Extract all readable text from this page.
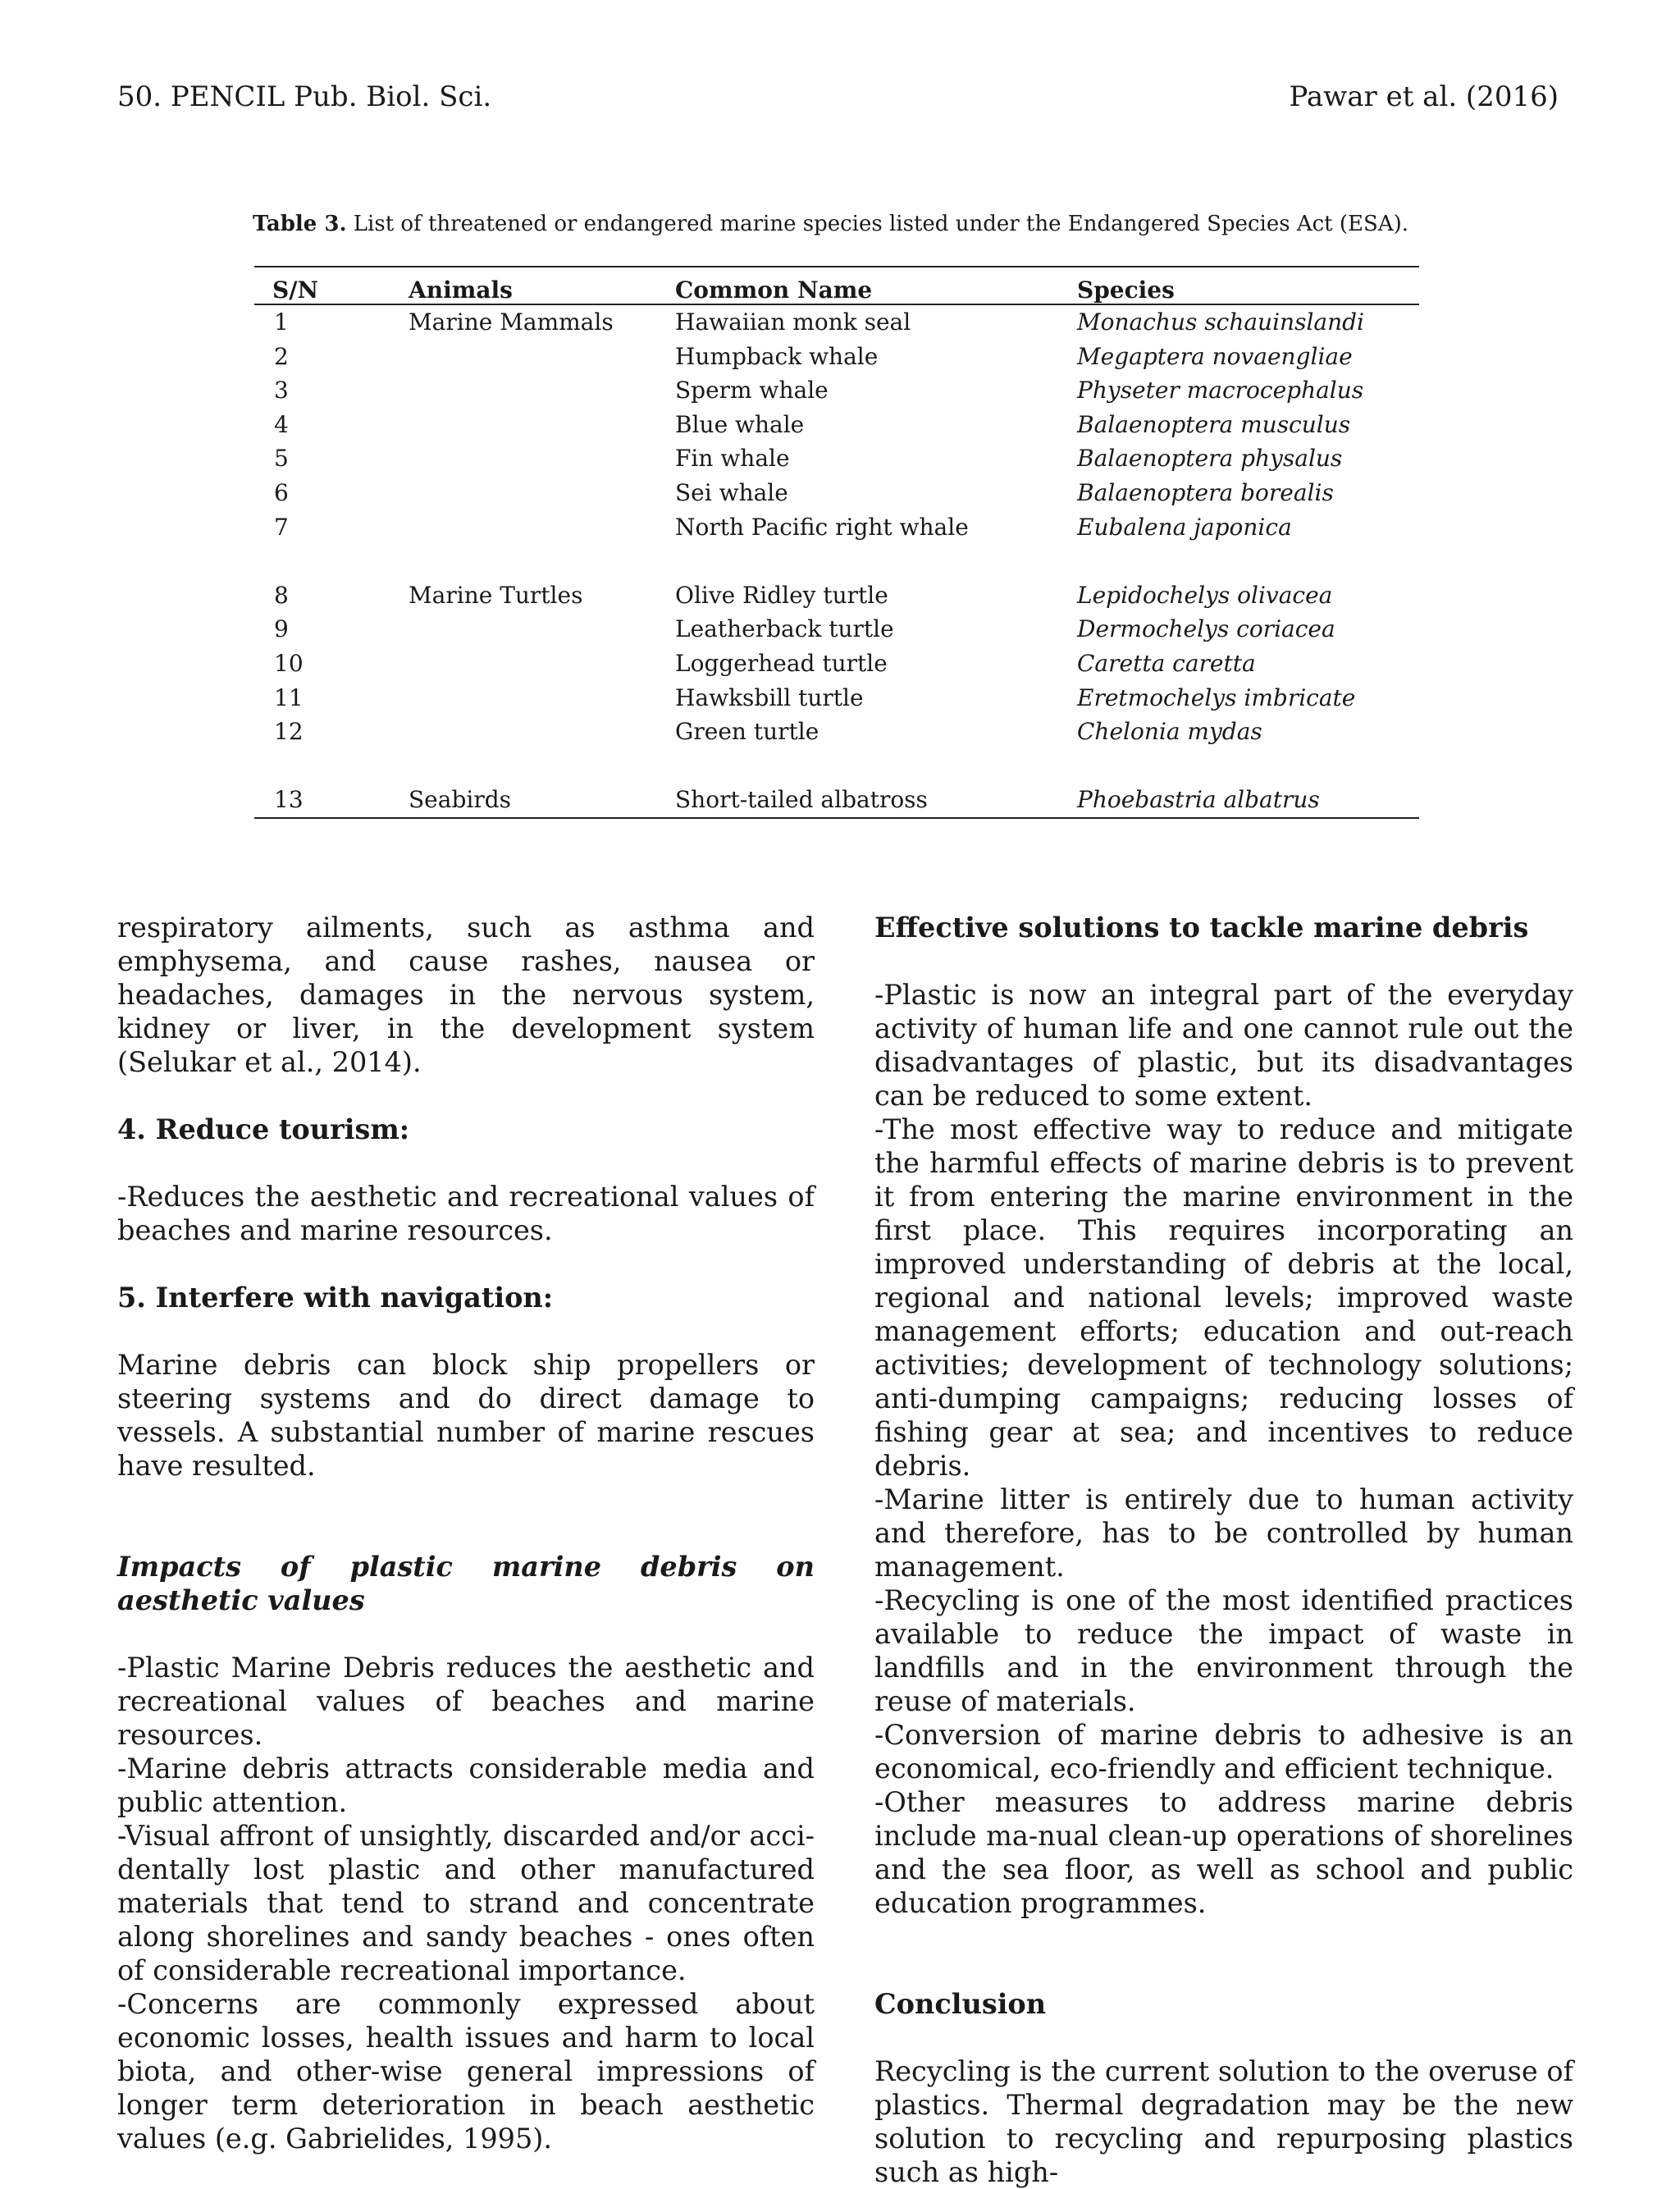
50. PENCIL Pub. Biol. Sci.	Pawar et al. (2016)
Table 3. List of threatened or endangered marine species listed under the Endangered Species Act (ESA).
S/N	Animals	Common Name	Species
1	Marine Mammals	Hawaiian monk seal	Monachus schauinslandi
2		Humpback whale	Megaptera novaengliae
3		Sperm whale	Physeter macrocephalus
4		Blue whale	Balaenoptera musculus
5		Fin whale	Balaenoptera physalus
6		Sei whale	Balaenoptera borealis
7		North Pacific right whale	Eubalena japonica

8	Marine Turtles	Olive Ridley turtle	Lepidochelys olivacea
9		Leatherback turtle	Dermochelys coriacea
10		Loggerhead turtle	Caretta caretta
11		Hawksbill turtle	Eretmochelys imbricate
12		Green turtle	Chelonia mydas

13	Seabirds	Short-tailed albatross	Phoebastria albatrus

respiratory ailments, such as asthma and emphysema, and cause rashes, nausea or headaches, damages in the nervous system, kidney or liver, in the development system (Selukar et al., 2014).

4. Reduce tourism:

-Reduces the aesthetic and recreational values of beaches and marine resources.

5. Interfere with navigation:

Marine debris can block ship propellers or steering systems and do direct damage to vessels. A substantial number of marine rescues have resulted.

Impacts of plastic marine debris on aesthetic values

-Plastic Marine Debris reduces the aesthetic and recreational values of beaches and marine resources.

-Marine debris attracts considerable media and public attention.

-Visual affront of unsightly, discarded and/or acci-dentally lost plastic and other manufactured materials that tend to strand and concentrate along shorelines and sandy beaches - ones often of considerable recreational importance.

-Concerns are commonly expressed about economic losses, health issues and harm to local biota, and other-wise general impressions of longer term deterioration in beach aesthetic values (e.g. Gabrielides, 1995).

Effective solutions to tackle marine debris

-Plastic is now an integral part of the everyday activity of human life and one cannot rule out the disadvantages of plastic, but its disadvantages can be reduced to some extent.

-The most effective way to reduce and mitigate the harmful effects of marine debris is to prevent it from entering the marine environment in the first place. This requires incorporating an improved understanding of debris at the local, regional and national levels; improved waste management efforts; education and out-reach activities; development of technology solutions; anti-dumping campaigns; reducing losses of fishing gear at sea; and incentives to reduce debris.

-Marine litter is entirely due to human activity and therefore, has to be controlled by human management.

-Recycling is one of the most identified practices available to reduce the impact of waste in landfills and in the environment through the reuse of materials.

-Conversion of marine debris to adhesive is an economical, eco-friendly and efficient technique.

-Other measures to address marine debris include ma-nual clean-up operations of shorelines and the sea floor, as well as school and public education programmes.

Conclusion

Recycling is the current solution to the overuse of plastics. Thermal degradation may be the new solution to recycling and repurposing plastics such as high-
